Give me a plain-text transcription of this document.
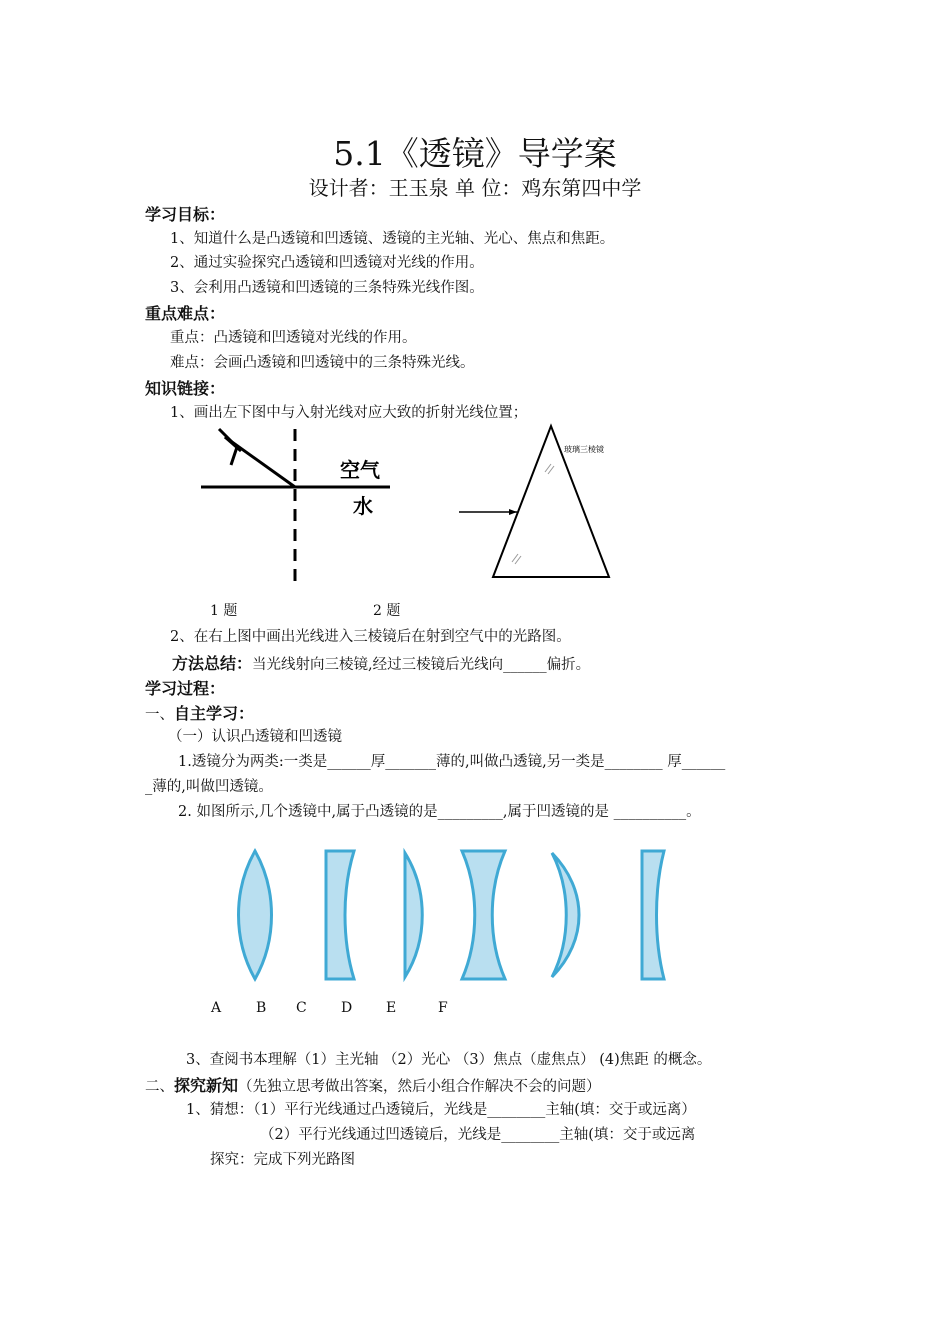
5.1《透镜》导学案
设计者：王玉泉 单 位：鸡东第四中学
学习目标：
1、知道什么是凸透镜和凹透镜、透镜的主光轴、光心、焦点和焦距。
2、通过实验探究凸透镜和凹透镜对光线的作用。
3、会利用凸透镜和凹透镜的三条特殊光线作图。
重点难点：
重点：凸透镜和凹透镜对光线的作用。
难点：会画凸透镜和凹透镜中的三条特殊光线。
知识链接：
1、画出左下图中与入射光线对应大致的折射光线位置；
空气
水
玻璃三棱镜
1 题	2 题
2、在右上图中画出光线进入三棱镜后在射到空气中的光路图。
方法总结：当光线射向三棱镜,经过三棱镜后光线向______偏折。
学习过程：
一、自主学习：
（一）认识凸透镜和凹透镜
1.透镜分为两类:一类是______厚_______薄的,叫做凸透镜,另一类是________ 厚______
_薄的,叫做凹透镜。
2. 如图所示,几个透镜中,属于凸透镜的是_________,属于凹透镜的是 __________。
A B C D E	F
3、查阅书本理解（1）主光轴 （2）光心 （3）焦点（虚焦点） (4)焦距 的概念。
二、探究新知（先独立思考做出答案，然后小组合作解决不会的问题）
1、猜想：（1）平行光线通过凸透镜后，光线是________主轴(填：交于或远离）
（2）平行光线通过凹透镜后，光线是________主轴(填：交于或远离
探究：完成下列光路图
